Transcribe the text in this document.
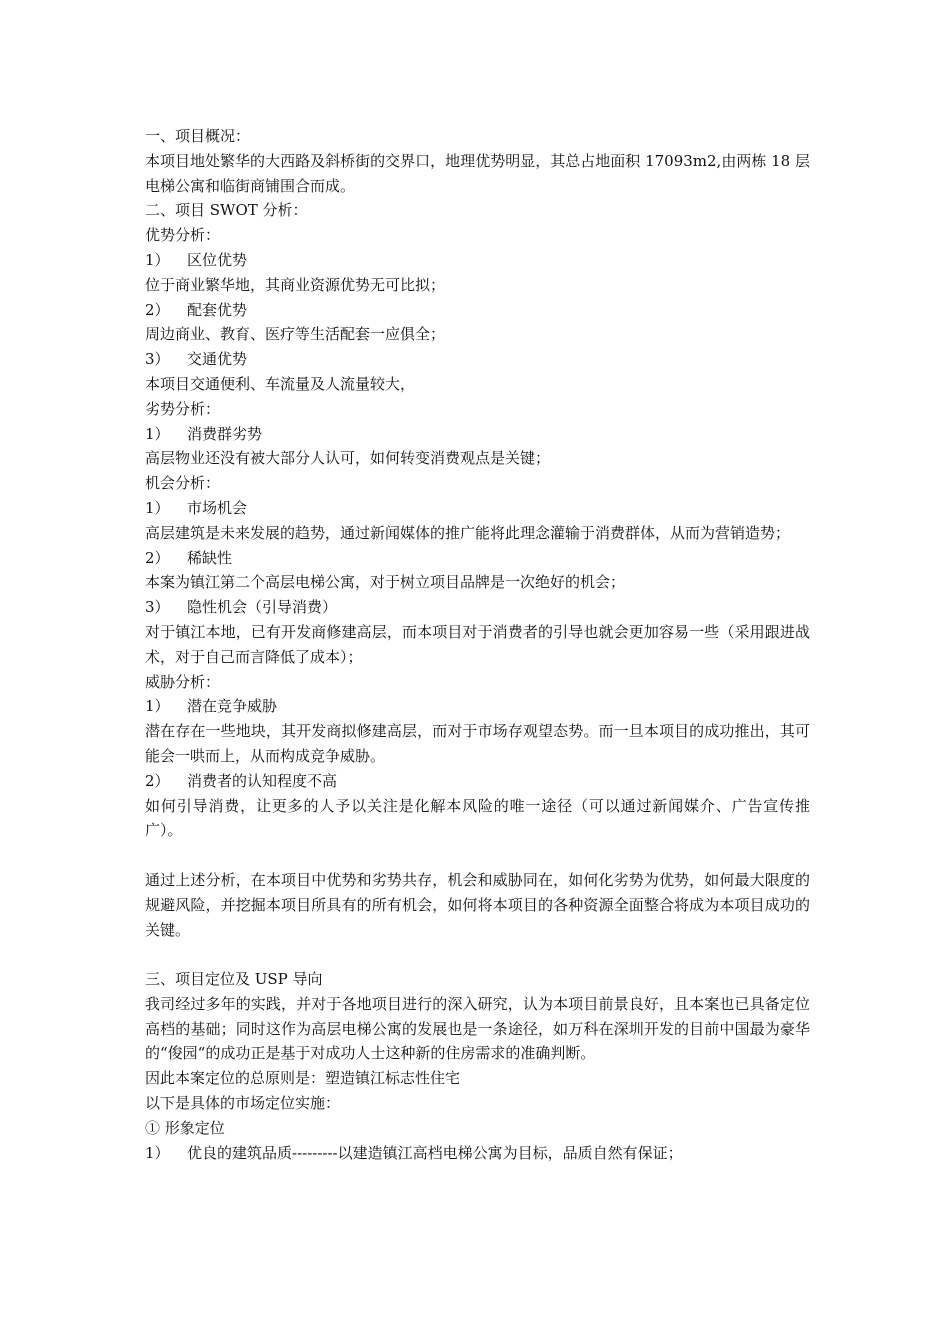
一、项目概况：
本项目地处繁华的大西路及斜桥街的交界口，地理优势明显，其总占地面积 17093m2,由两栋 18 层电梯公寓和临街商铺围合而成。
二、项目 SWOT 分析：
优势分析：
1） 区位优势
位于商业繁华地，其商业资源优势无可比拟；
2） 配套优势
周边商业、教育、医疗等生活配套一应俱全；
3） 交通优势
本项目交通便利、车流量及人流量较大，
劣势分析：
1） 消费群劣势
高层物业还没有被大部分人认可，如何转变消费观点是关键；
机会分析：
1） 市场机会
高层建筑是未来发展的趋势，通过新闻媒体的推广能将此理念灌输于消费群体，从而为营销造势；
2） 稀缺性
本案为镇江第二个高层电梯公寓，对于树立项目品牌是一次绝好的机会；
3） 隐性机会（引导消费）
对于镇江本地，已有开发商修建高层，而本项目对于消费者的引导也就会更加容易一些（采用跟进战术，对于自己而言降低了成本）；
威胁分析：
1） 潜在竞争威胁
潜在存在一些地块，其开发商拟修建高层，而对于市场存观望态势。而一旦本项目的成功推出，其可能会一哄而上，从而构成竞争威胁。
2） 消费者的认知程度不高
如何引导消费，让更多的人予以关注是化解本风险的唯一途径（可以通过新闻媒介、广告宣传推广）。
通过上述分析，在本项目中优势和劣势共存，机会和威胁同在，如何化劣势为优势，如何最大限度的规避风险，并挖掘本项目所具有的所有机会，如何将本项目的各种资源全面整合将成为本项目成功的关键。
三、项目定位及 USP 导向
我司经过多年的实践，并对于各地项目进行的深入研究，认为本项目前景良好，且本案也已具备定位高档的基础；同时这作为高层电梯公寓的发展也是一条途径，如万科在深圳开发的目前中国最为豪华的“俊园“的成功正是基于对成功人士这种新的住房需求的准确判断。
因此本案定位的总原则是：塑造镇江标志性住宅
以下是具体的市场定位实施：
① 形象定位
1） 优良的建筑品质---------以建造镇江高档电梯公寓为目标，品质自然有保证；
